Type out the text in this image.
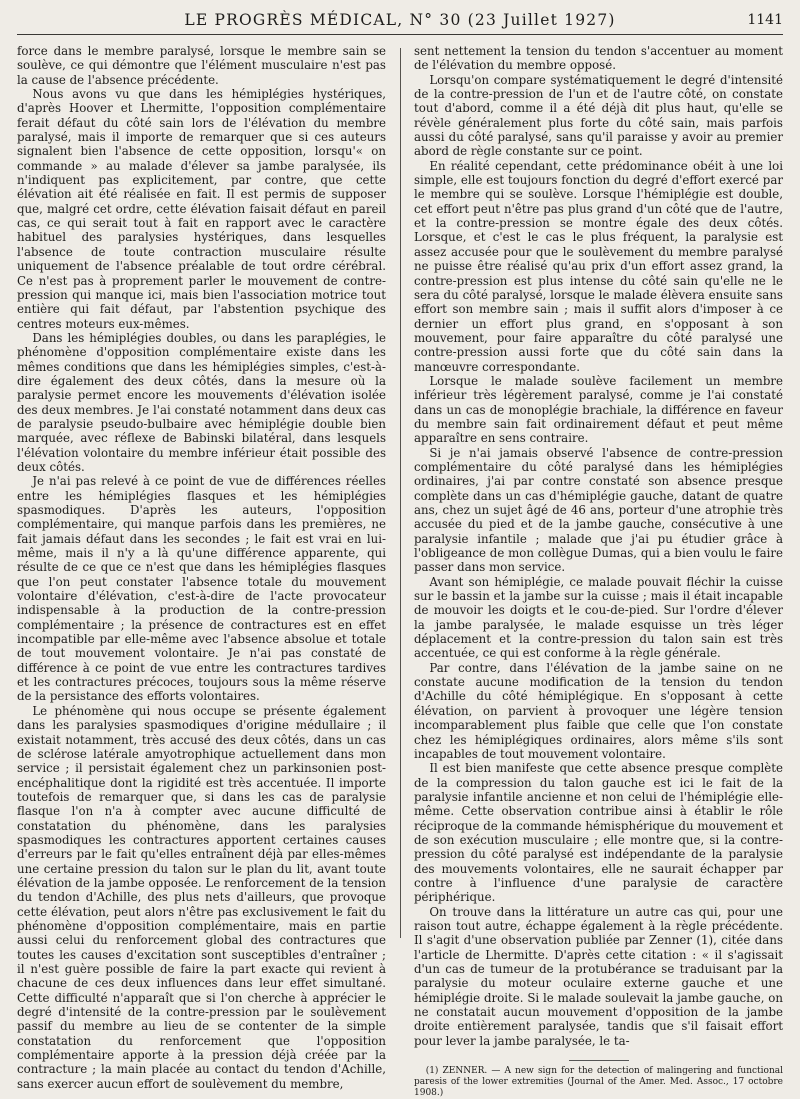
LE PROGRÈS MÉDICAL, N° 30 (23 Juillet 1927)	1141

force dans le membre paralysé, lorsque le membre sain se soulève, ce qui démontre que l'élément musculaire n'est pas la cause de l'absence précédente.

Nous avons vu que dans les hémiplégies hystériques, d'après Hoover et Lhermitte, l'opposition complémentaire ferait défaut du côté sain lors de l'élévation du membre paralysé, mais il importe de remarquer que si ces auteurs signalent bien l'absence de cette opposition, lorsqu'« on commande » au malade d'élever sa jambe paralysée, ils n'indiquent pas explicitement, par contre, que cette élévation ait été réalisée en fait. Il est permis de supposer que, malgré cet ordre, cette élévation faisait défaut en pareil cas, ce qui serait tout à fait en rapport avec le caractère habituel des paralysies hystériques, dans lesquelles l'absence de toute contraction musculaire résulte uniquement de l'absence préalable de tout ordre cérébral. Ce n'est pas à proprement parler le mouvement de contre-pression qui manque ici, mais bien l'association motrice tout entière qui fait défaut, par l'abstention psychique des centres moteurs eux-mêmes.

Dans les hémiplégies doubles, ou dans les paraplégies, le phénomène d'opposition complémentaire existe dans les mêmes conditions que dans les hémiplégies simples, c'est-à-dire également des deux côtés, dans la mesure où la paralysie permet encore les mouvements d'élévation isolée des deux membres. Je l'ai constaté notamment dans deux cas de paralysie pseudo-bulbaire avec hémiplégie double bien marquée, avec réflexe de Babinski bilatéral, dans lesquels l'élévation volontaire du membre inférieur était possible des deux côtés.

Je n'ai pas relevé à ce point de vue de différences réelles entre les hémiplégies flasques et les hémiplégies spasmodiques. D'après les auteurs, l'opposition complémentaire, qui manque parfois dans les premières, ne fait jamais défaut dans les secondes ; le fait est vrai en lui-même, mais il n'y a là qu'une différence apparente, qui résulte de ce que ce n'est que dans les hémiplégies flasques que l'on peut constater l'absence totale du mouvement volontaire d'élévation, c'est-à-dire de l'acte provocateur indispensable à la production de la contre-pression complémentaire ; la présence de contractures est en effet incompatible par elle-même avec l'absence absolue et totale de tout mouvement volontaire. Je n'ai pas constaté de différence à ce point de vue entre les contractures tardives et les contractures précoces, toujours sous la même réserve de la persistance des efforts volontaires.

Le phénomène qui nous occupe se présente également dans les paralysies spasmodiques d'origine médullaire ; il existait notamment, très accusé des deux côtés, dans un cas de sclérose latérale amyotrophique actuellement dans mon service ; il persistait également chez un parkinsonien post-encéphalitique dont la rigidité est très accentuée. Il importe toutefois de remarquer que, si dans les cas de paralysie flasque l'on n'a à compter avec aucune difficulté de constatation du phénomène, dans les paralysies spasmodiques les contractures apportent certaines causes d'erreurs par le fait qu'elles entraînent déjà par elles-mêmes une certaine pression du talon sur le plan du lit, avant toute élévation de la jambe opposée. Le renforcement de la tension du tendon d'Achille, des plus nets d'ailleurs, que provoque cette élévation, peut alors n'être pas exclusivement le fait du phénomène d'opposition complémentaire, mais en partie aussi celui du renforcement global des contractures que toutes les causes d'excitation sont susceptibles d'entraîner ; il n'est guère possible de faire la part exacte qui revient à chacune de ces deux influences dans leur effet simultané. Cette difficulté n'apparaît que si l'on cherche à apprécier le degré d'intensité de la contre-pression par le soulèvement passif du membre au lieu de se contenter de la simple constatation du renforcement que l'opposition complémentaire apporte à la pression déjà créée par la contracture ; la main placée au contact du tendon d'Achille, sans exercer aucun effort de soulèvement du membre,

sent nettement la tension du tendon s'accentuer au moment de l'élévation du membre opposé.

Lorsqu'on compare systématiquement le degré d'intensité de la contre-pression de l'un et de l'autre côté, on constate tout d'abord, comme il a été déjà dit plus haut, qu'elle se révèle généralement plus forte du côté sain, mais parfois aussi du côté paralysé, sans qu'il paraisse y avoir au premier abord de règle constante sur ce point.

En réalité cependant, cette prédominance obéit à une loi simple, elle est toujours fonction du degré d'effort exercé par le membre qui se soulève. Lorsque l'hémiplégie est double, cet effort peut n'être pas plus grand d'un côté que de l'autre, et la contre-pression se montre égale des deux côtés. Lorsque, et c'est le cas le plus fréquent, la paralysie est assez accusée pour que le soulèvement du membre paralysé ne puisse être réalisé qu'au prix d'un effort assez grand, la contre-pression est plus intense du côté sain qu'elle ne le sera du côté paralysé, lorsque le malade élèvera ensuite sans effort son membre sain ; mais il suffit alors d'imposer à ce dernier un effort plus grand, en s'opposant à son mouvement, pour faire apparaître du côté paralysé une contre-pression aussi forte que du côté sain dans la manœuvre correspondante.

Lorsque le malade soulève facilement un membre inférieur très légèrement paralysé, comme je l'ai constaté dans un cas de monoplégie brachiale, la différence en faveur du membre sain fait ordinairement défaut et peut même apparaître en sens contraire.

Si je n'ai jamais observé l'absence de contre-pression complémentaire du côté paralysé dans les hémiplégies ordinaires, j'ai par contre constaté son absence presque complète dans un cas d'hémiplégie gauche, datant de quatre ans, chez un sujet âgé de 46 ans, porteur d'une atrophie très accusée du pied et de la jambe gauche, consécutive à une paralysie infantile ; malade que j'ai pu étudier grâce à l'obligeance de mon collègue Dumas, qui a bien voulu le faire passer dans mon service.

Avant son hémiplégie, ce malade pouvait fléchir la cuisse sur le bassin et la jambe sur la cuisse ; mais il était incapable de mouvoir les doigts et le cou-de-pied. Sur l'ordre d'élever la jambe paralysée, le malade esquisse un très léger déplacement et la contre-pression du talon sain est très accentuée, ce qui est conforme à la règle générale.

Par contre, dans l'élévation de la jambe saine on ne constate aucune modification de la tension du tendon d'Achille du côté hémiplégique. En s'opposant à cette élévation, on parvient à provoquer une légère tension incomparablement plus faible que celle que l'on constate chez les hémiplégiques ordinaires, alors même s'ils sont incapables de tout mouvement volontaire.

Il est bien manifeste que cette absence presque complète de la compression du talon gauche est ici le fait de la paralysie infantile ancienne et non celui de l'hémiplégie elle-même. Cette observation contribue ainsi à établir le rôle réciproque de la commande hémisphérique du mouvement et de son exécution musculaire ; elle montre que, si la contre-pression du côté paralysé est indépendante de la paralysie des mouvements volontaires, elle ne saurait échapper par contre à l'influence d'une paralysie de caractère périphérique.

On trouve dans la littérature un autre cas qui, pour une raison tout autre, échappe également à la règle précédente. Il s'agit d'une observation publiée par Zenner (1), citée dans l'article de Lhermitte. D'après cette citation : « il s'agissait d'un cas de tumeur de la protubérance se traduisant par la paralysie du moteur oculaire externe gauche et une hémiplégie droite. Si le malade soulevait la jambe gauche, on ne constatait aucun mouvement d'opposition de la jambe droite entièrement paralysée, tandis que s'il faisait effort pour lever la jambe paralysée, le ta-

(1) ZENNER. — A new sign for the detection of malingering and functional paresis of the lower extremities (Journal of the Amer. Med. Assoc., 17 octobre 1908.)
